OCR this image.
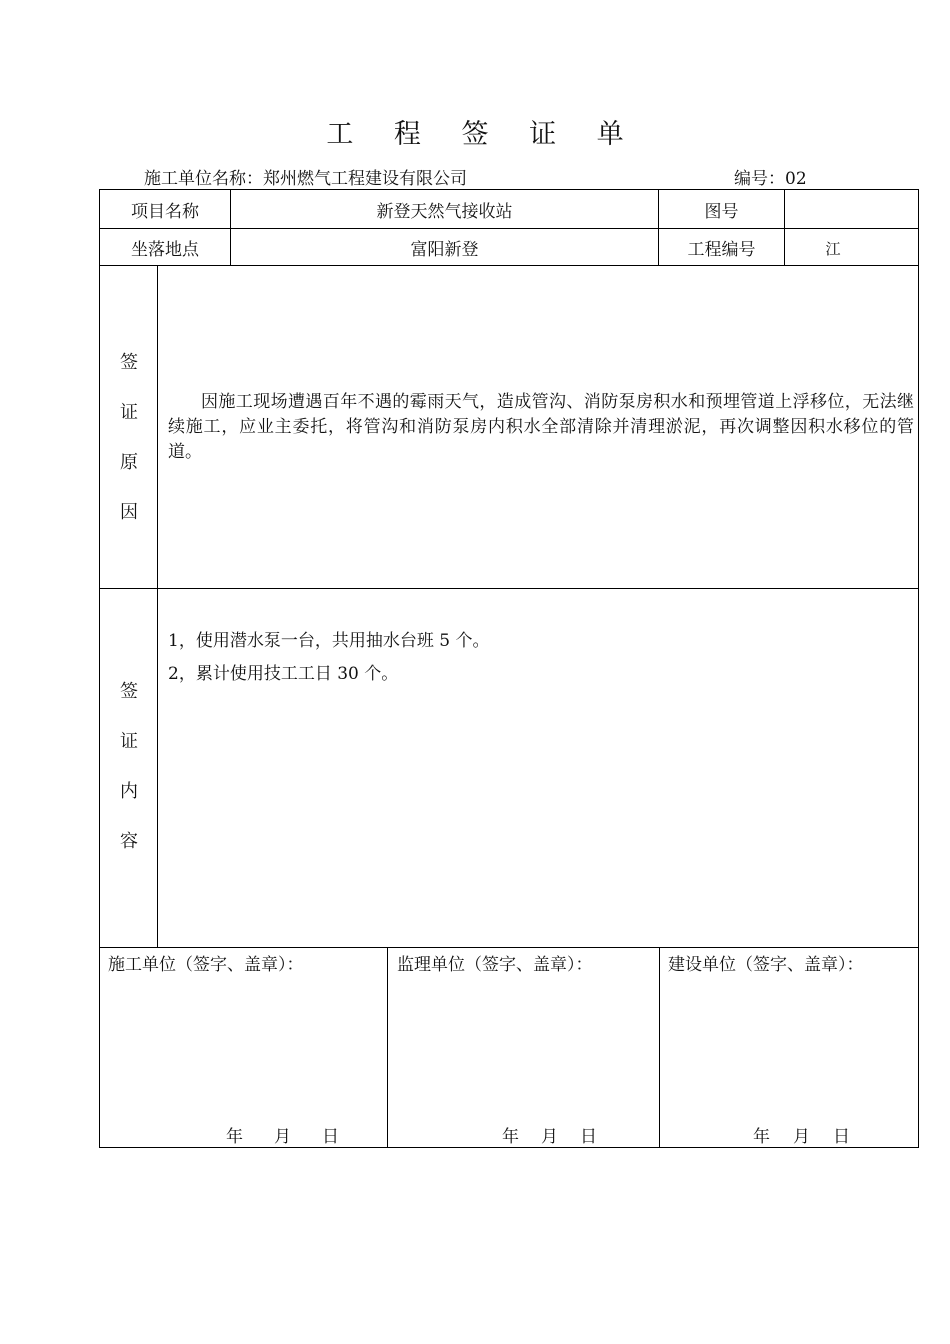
工 程 签 证 单
施工单位名称：郑州燃气工程建设有限公司	编号：02
项目名称	新登天然气接收站	图号
坐落地点	富阳新登	工程编号	江
签
证
原
因
因施工现场遭遇百年不遇的霉雨天气，造成管沟、消防泵房积水和预埋管道上浮移位，无法继续施工，应业主委托，将管沟和消防泵房内积水全部清除并清理淤泥，再次调整因积水移位的管道。
签
证
内
容
1，使用潜水泵一台，共用抽水台班 5 个。
2，累计使用技工工日 30 个。
施工单位（签字、盖章）：	监理单位（签字、盖章）：	建设单位（签字、盖章）：
年 月 日	年 月 日	年 月 日
